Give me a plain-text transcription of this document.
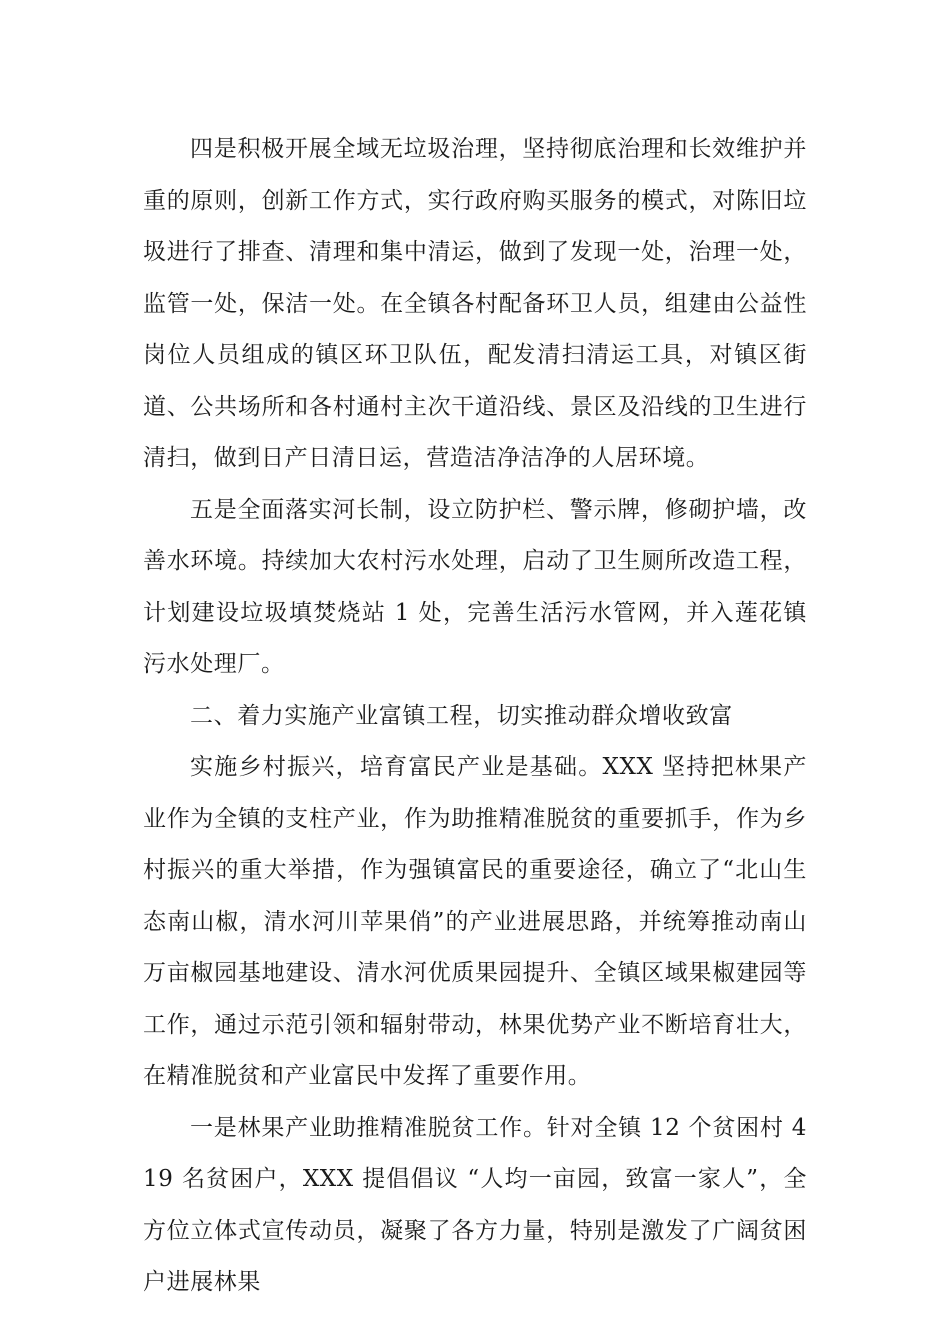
四是积极开展全域无垃圾治理，坚持彻底治理和长效维护并重的原则，创新工作方式，实行政府购买服务的模式，对陈旧垃圾进行了排查、清理和集中清运，做到了发现一处，治理一处，监管一处，保洁一处。在全镇各村配备环卫人员，组建由公益性岗位人员组成的镇区环卫队伍，配发清扫清运工具，对镇区街道、公共场所和各村通村主次干道沿线、景区及沿线的卫生进行清扫，做到日产日清日运，营造洁净洁净的人居环境。

五是全面落实河长制，设立防护栏、警示牌，修砌护墙，改善水环境。持续加大农村污水处理，启动了卫生厕所改造工程，计划建设垃圾填焚烧站 1 处，完善生活污水管网，并入莲花镇污水处理厂。

二、着力实施产业富镇工程，切实推动群众增收致富

实施乡村振兴，培育富民产业是基础。XXX 坚持把林果产业作为全镇的支柱产业，作为助推精准脱贫的重要抓手，作为乡村振兴的重大举措，作为强镇富民的重要途径，确立了“北山生态南山椒，清水河川苹果俏”的产业进展思路，并统筹推动南山万亩椒园基地建设、清水河优质果园提升、全镇区域果椒建园等工作，通过示范引领和辐射带动，林果优势产业不断培育壮大，在精准脱贫和产业富民中发挥了重要作用。

一是林果产业助推精准脱贫工作。针对全镇 12 个贫困村 419 名贫困户，XXX 提倡倡议 “人均一亩园，致富一家人”，全方位立体式宣传动员，凝聚了各方力量，特别是激发了广阔贫困户进展林果
